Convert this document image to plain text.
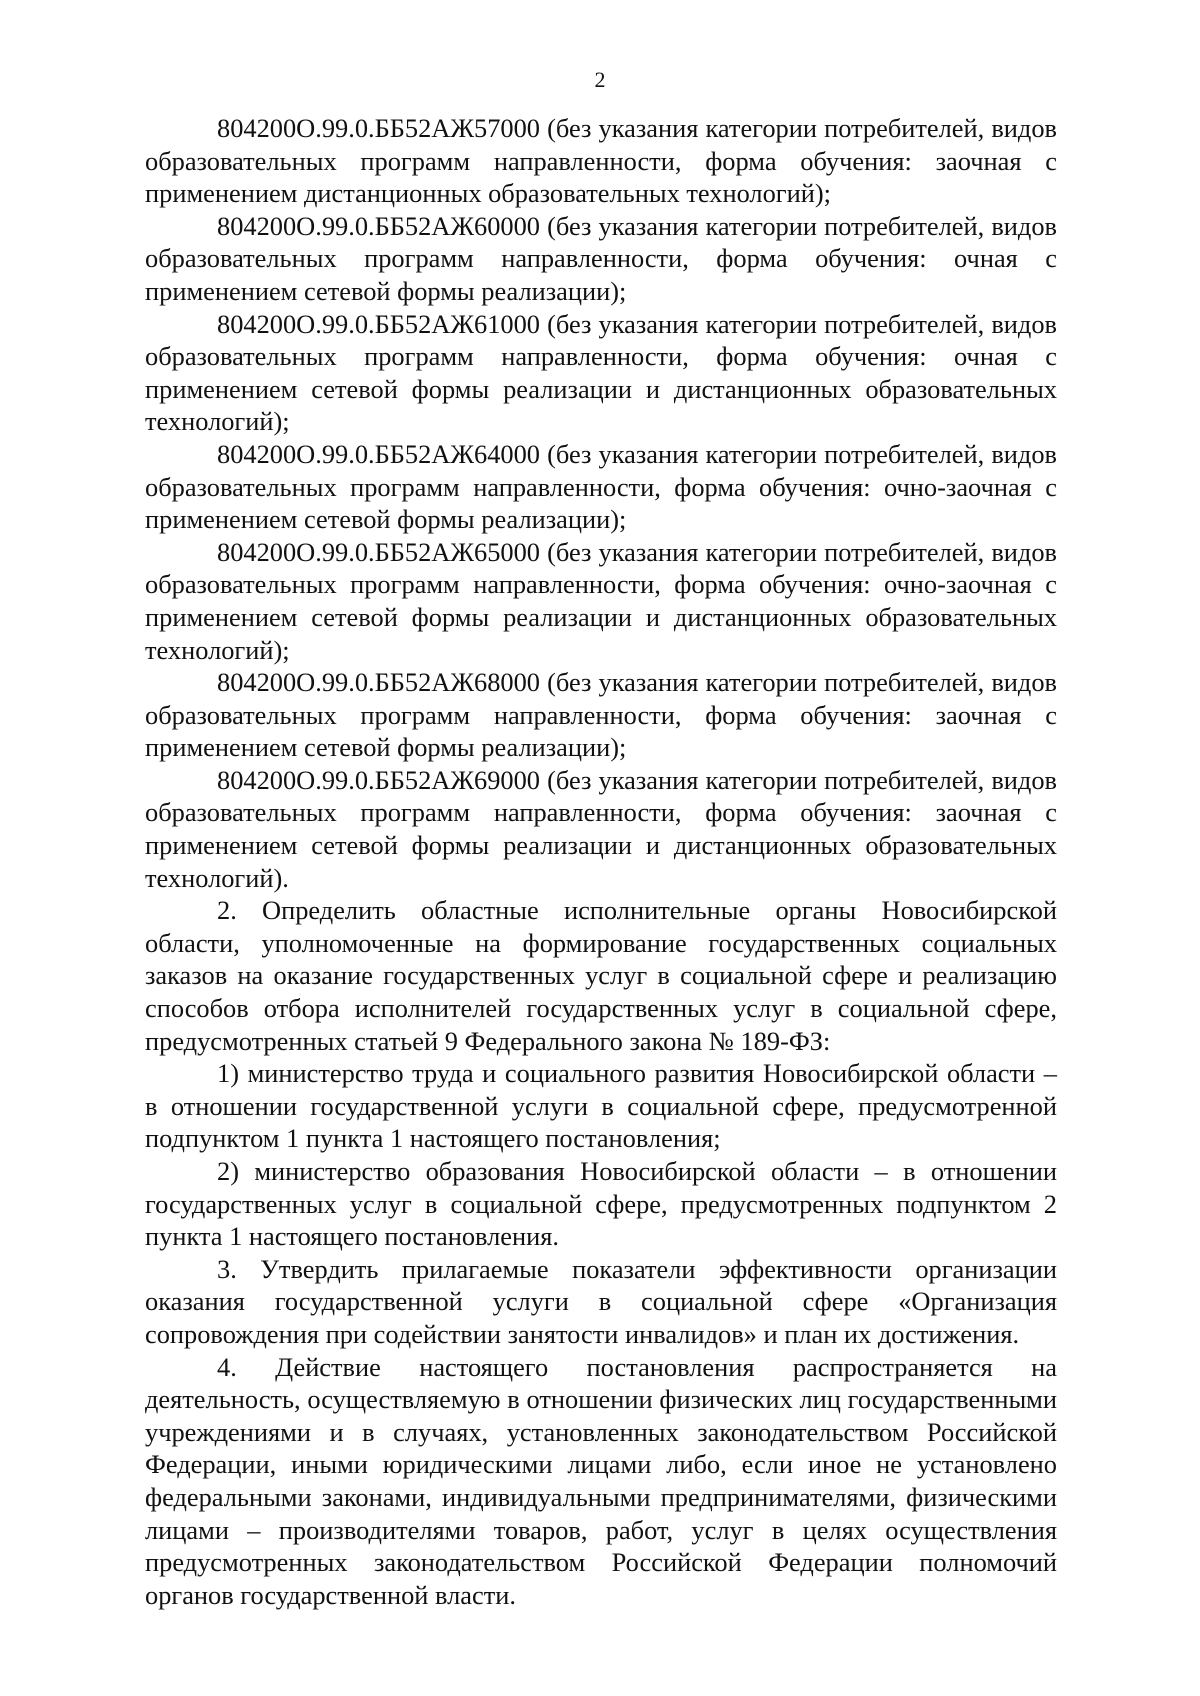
2

804200О.99.0.ББ52АЖ57000 (без указания категории потребителей, видов образовательных программ направленности, форма обучения: заочная с применением дистанционных образовательных технологий);

804200О.99.0.ББ52АЖ60000 (без указания категории потребителей, видов образовательных программ направленности, форма обучения: очная с применением сетевой формы реализации);

804200О.99.0.ББ52АЖ61000 (без указания категории потребителей, видов образовательных программ направленности, форма обучения: очная с применением сетевой формы реализации и дистанционных образовательных технологий);

804200О.99.0.ББ52АЖ64000 (без указания категории потребителей, видов образовательных программ направленности, форма обучения: очно-заочная с применением сетевой формы реализации);

804200О.99.0.ББ52АЖ65000 (без указания категории потребителей, видов образовательных программ направленности, форма обучения: очно-заочная с применением сетевой формы реализации и дистанционных образовательных технологий);

804200О.99.0.ББ52АЖ68000 (без указания категории потребителей, видов образовательных программ направленности, форма обучения: заочная с применением сетевой формы реализации);

804200О.99.0.ББ52АЖ69000 (без указания категории потребителей, видов образовательных программ направленности, форма обучения: заочная с применением сетевой формы реализации и дистанционных образовательных технологий).

2. Определить областные исполнительные органы Новосибирской области, уполномоченные на формирование государственных социальных заказов на оказание государственных услуг в социальной сфере и реализацию способов отбора исполнителей государственных услуг в социальной сфере, предусмотренных статьей 9 Федерального закона № 189-ФЗ:

1) министерство труда и социального развития Новосибирской области – в отношении государственной услуги в социальной сфере, предусмотренной подпунктом 1 пункта 1 настоящего постановления;

2) министерство образования Новосибирской области – в отношении государственных услуг в социальной сфере, предусмотренных подпунктом 2 пункта 1 настоящего постановления.

3. Утвердить прилагаемые показатели эффективности организации оказания государственной услуги в социальной сфере «Организация сопровождения при содействии занятости инвалидов» и план их достижения.

4. Действие настоящего постановления распространяется на деятельность, осуществляемую в отношении физических лиц государственными учреждениями и в случаях, установленных законодательством Российской Федерации, иными юридическими лицами либо, если иное не установлено федеральными законами, индивидуальными предпринимателями, физическими лицами – производителями товаров, работ, услуг в целях осуществления предусмотренных законодательством Российской Федерации полномочий органов государственной власти.
